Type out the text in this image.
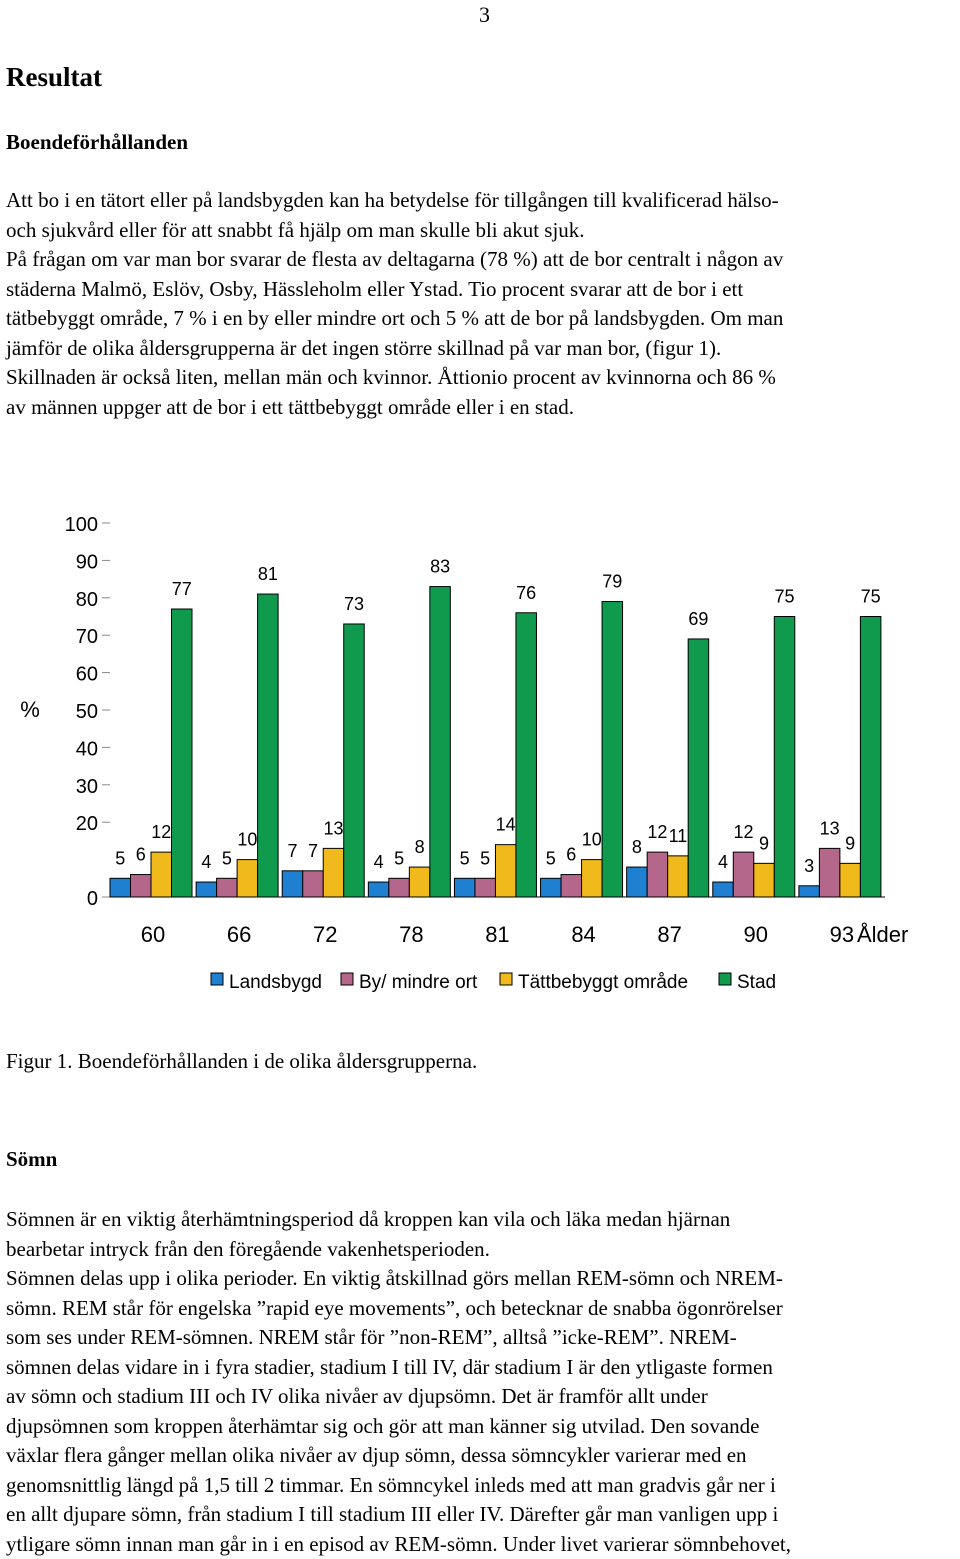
3
Resultat
Boendeförhållanden

Att bo i en tätort eller på landsbygden kan ha betydelse för tillgången till kvalificerad hälso-
och sjukvård eller för att snabbt få hjälp om man skulle bli akut sjuk.
På frågan om var man bor svarar de flesta av deltagarna (78 %) att de bor centralt i någon av
städerna Malmö, Eslöv, Osby, Hässleholm eller Ystad. Tio procent svarar att de bor i ett
tätbebyggt område, 7 % i en by eller mindre ort och 5 % att de bor på landsbygden. Om man
jämför de olika åldersgrupperna är det ingen större skillnad på var man bor, (figur 1).
Skillnaden är också liten, mellan män och kvinnor. Åttionio procent av kvinnorna och 86 %
av männen uppger att de bor i ett tättbebyggt område eller i en stad.

0
20
30
40
50
60
70
80
90
100
%
5 6
12
77
60
4 5
10
81
66
7 7
13
73
72
4 5
8
83
78
5 5
14
76
81
5 6
10
79
84
8
12 11
69
87
4
12
9
75
90
3
13
9
75
93 Ålder
Landsbygd By/ mindre ort Tättbebyggt område	Stad

Figur 1. Boendeförhållanden i de olika åldersgrupperna.

Sömn

Sömnen är en viktig återhämtningsperiod då kroppen kan vila och läka medan hjärnan
bearbetar intryck från den föregående vakenhetsperioden.
Sömnen delas upp i olika perioder. En viktig åtskillnad görs mellan REM-sömn och NREM-
sömn. REM står för engelska ”rapid eye movements”, och betecknar de snabba ögonrörelser
som ses under REM-sömnen. NREM står för ”non-REM”, alltså ”icke-REM”. NREM-
sömnen delas vidare in i fyra stadier, stadium I till IV, där stadium I är den ytligaste formen
av sömn och stadium III och IV olika nivåer av djupsömn. Det är framför allt under
djupsömnen som kroppen återhämtar sig och gör att man känner sig utvilad. Den sovande
växlar flera gånger mellan olika nivåer av djup sömn, dessa sömncykler varierar med en
genomsnittlig längd på 1,5 till 2 timmar. En sömncykel inleds med att man gradvis går ner i
en allt djupare sömn, från stadium I till stadium III eller IV. Därefter går man vanligen upp i
ytligare sömn innan man går in i en episod av REM-sömn. Under livet varierar sömnbehovet,
